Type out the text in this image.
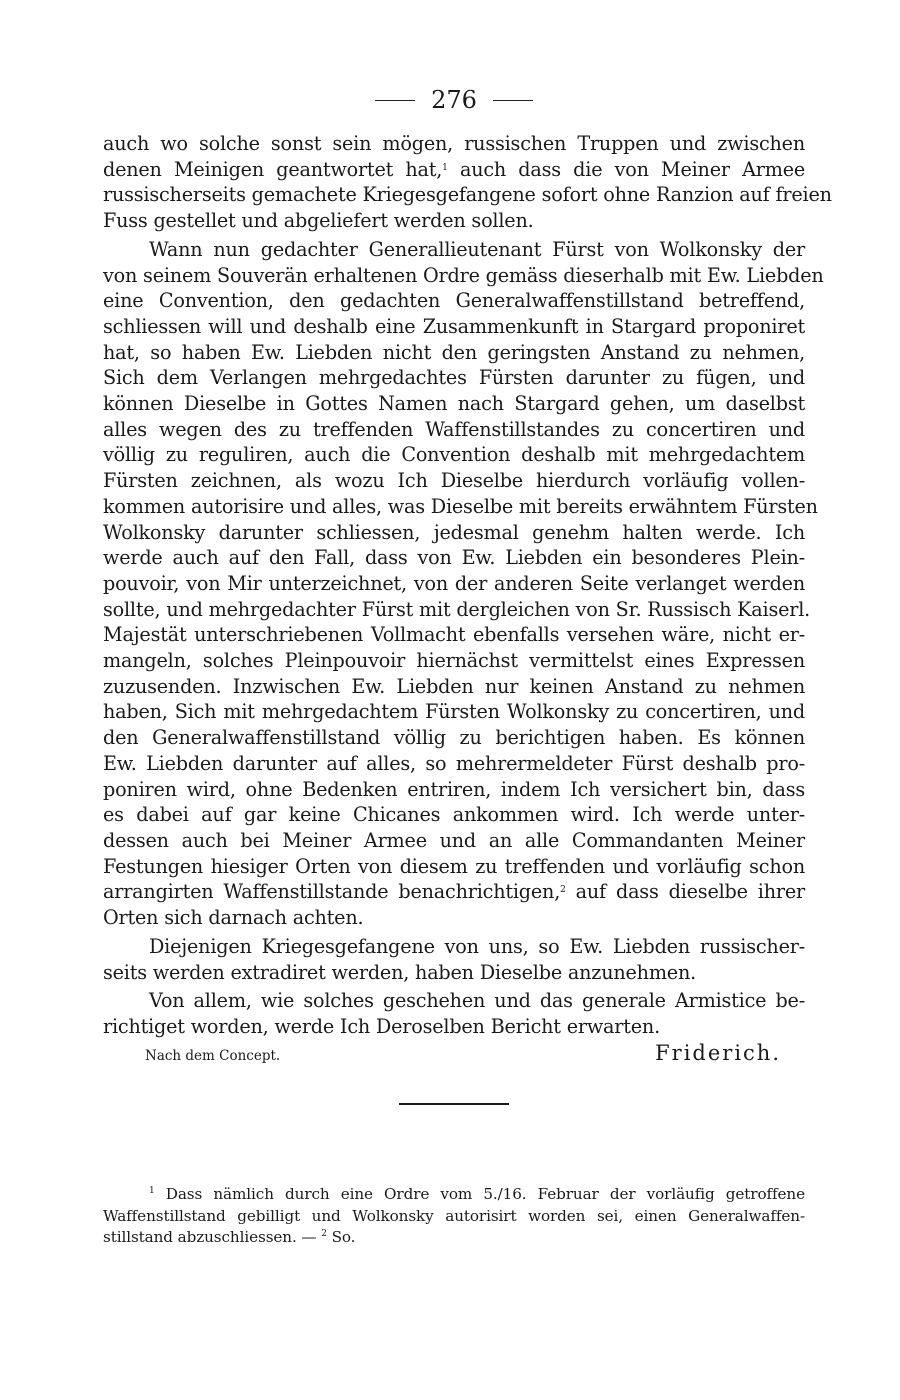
276
auch wo solche sonst sein mögen, russischen Truppen und zwischen
denen Meinigen geantwortet hat,$^1$ auch dass die von Meiner Armee
russischerseits gemachete Kriegesgefangene sofort ohne Ranzion auf freien
Fuss gestellet und abgeliefert werden sollen.
Wann nun gedachter Generallieutenant Fürst von Wolkonsky der
von seinem Souverän erhaltenen Ordre gemäss dieserhalb mit Ew. Liebden
eine Convention, den gedachten Generalwaffenstillstand betreffend,
schliessen will und deshalb eine Zusammenkunft in Stargard proponiret
hat, so haben Ew. Liebden nicht den geringsten Anstand zu nehmen,
Sich dem Verlangen mehrgedachtes Fürsten darunter zu fügen, und
können Dieselbe in Gottes Namen nach Stargard gehen, um daselbst
alles wegen des zu treffenden Waffenstillstandes zu concertiren und
völlig zu reguliren, auch die Convention deshalb mit mehrgedachtem
Fürsten zeichnen, als wozu Ich Dieselbe hierdurch vorläufig vollen-
kommen autorisire und alles, was Dieselbe mit bereits erwähntem Fürsten
Wolkonsky darunter schliessen, jedesmal genehm halten werde. Ich
werde auch auf den Fall, dass von Ew. Liebden ein besonderes Plein-
pouvoir, von Mir unterzeichnet, von der anderen Seite verlanget werden
sollte, und mehrgedachter Fürst mit dergleichen von Sr. Russisch Kaiserl.
Majestät unterschriebenen Vollmacht ebenfalls versehen wäre, nicht er-
mangeln, solches Pleinpouvoir hiernächst vermittelst eines Expressen
zuzusenden. Inzwischen Ew. Liebden nur keinen Anstand zu nehmen
haben, Sich mit mehrgedachtem Fürsten Wolkonsky zu concertiren, und
den Generalwaffenstillstand völlig zu berichtigen haben. Es können
Ew. Liebden darunter auf alles, so mehrermeldeter Fürst deshalb pro-
poniren wird, ohne Bedenken entriren, indem Ich versichert bin, dass
es dabei auf gar keine Chicanes ankommen wird. Ich werde unter-
dessen auch bei Meiner Armee und an alle Commandanten Meiner
Festungen hiesiger Orten von diesem zu treffenden und vorläufig schon
arrangirten Waffenstillstande benachrichtigen,$^2$ auf dass dieselbe ihrer
Orten sich darnach achten.
Diejenigen Kriegesgefangene von uns, so Ew. Liebden russischer-
seits werden extradiret werden, haben Dieselbe anzunehmen.
Von allem, wie solches geschehen und das generale Armistice be-
richtiget worden, werde Ich Deroselben Bericht erwarten.
Nach dem Concept.	Friderich.
$^1$ Dass nämlich durch eine Ordre vom 5./16. Februar der vorläufig getroffene
Waffenstillstand gebilligt und Wolkonsky autorisirt worden sei, einen Generalwaffen-
stillstand abzuschliessen. — $^2$ So.
